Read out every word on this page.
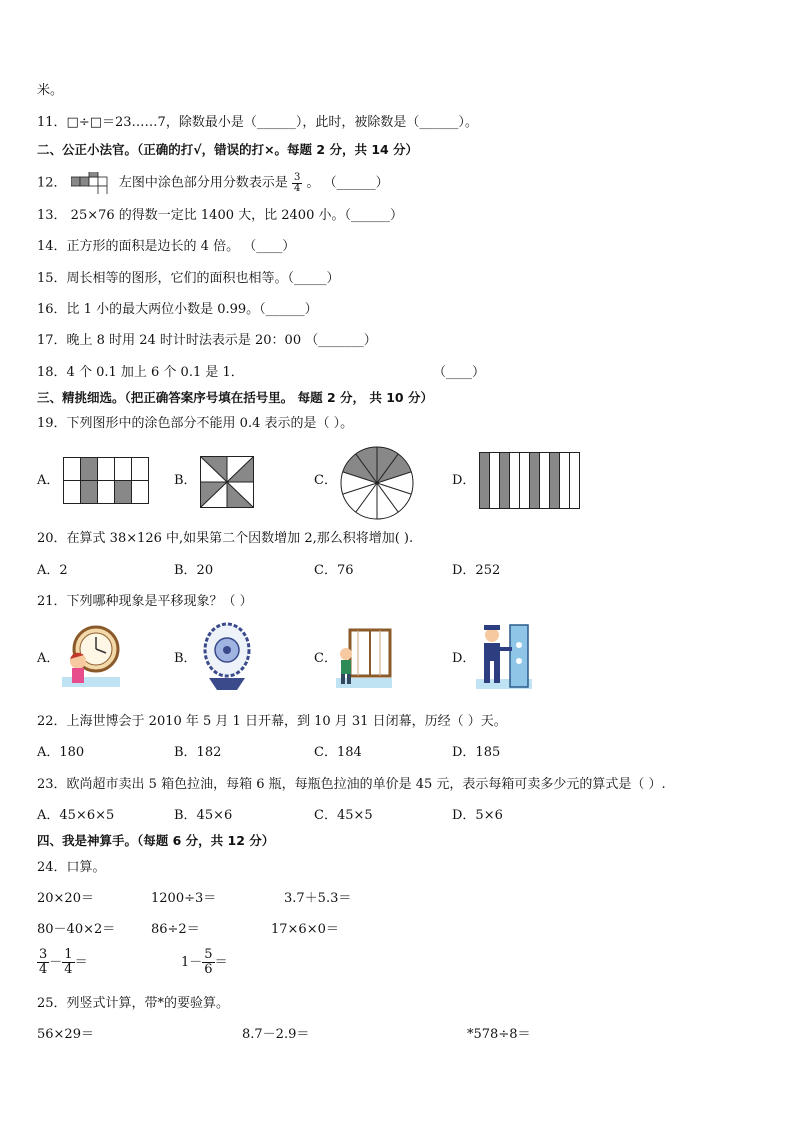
米。
11．□÷□＝23……7，除数最小是（______），此时，被除数是（______）。
二、公正小法官。（正确的打√，错误的打×。每题 2 分，共 14 分）
12．	左图中涂色部分用分数表示是 $\frac{3}{4}$ 。 （______）
13． 25×76 的得数一定比 1400 大，比 2400 小。（______）
14．正方形的面积是边长的 4 倍。 （____）
15．周长相等的图形，它们的面积也相等。（_____）
16．比 1 小的最大两位小数是 0.99。（______）
17．晚上 8 时用 24 时计时法表示是 20：00 （_______）
18．4 个 0.1 加上 6 个 0.1 是 1．	（____）
三、精挑细选。（把正确答案序号填在括号里。 每题 2 分， 共 10 分）
19．下列图形中的涂色部分不能用 0.4 表示的是（ ）。
A．	B．	C．	D．
20．在算式 38×126 中,如果第二个因数增加 2,那么积将增加( ).
A．2	B．20	C．76	D．252
21．下列哪种现象是平移现象？（ ）
A．	B．	C．	D．
22．上海世博会于 2010 年 5 月 1 日开幕，到 10 月 31 日闭幕，历经（ ）天。
A．180	B．182	C．184	D．185
23．欧尚超市卖出 5 箱色拉油，每箱 6 瓶，每瓶色拉油的单价是 45 元，表示每箱可卖多少元的算式是（ ）.
A．45×6×5	B．45×6	C．45×5	D．5×6
四、我是神算手。（每题 6 分，共 12 分）
24．口算。
20×20＝	1200÷3＝	3.7＋5.3＝
80－40×2＝	86÷2＝	17×6×0＝
$\frac{3}{4} - \frac{1}{4}$ ＝	$1- \frac{5}{6}$ ＝
25．列竖式计算，带*的要验算。
56×29＝	8.7－2.9＝	*578÷8＝
